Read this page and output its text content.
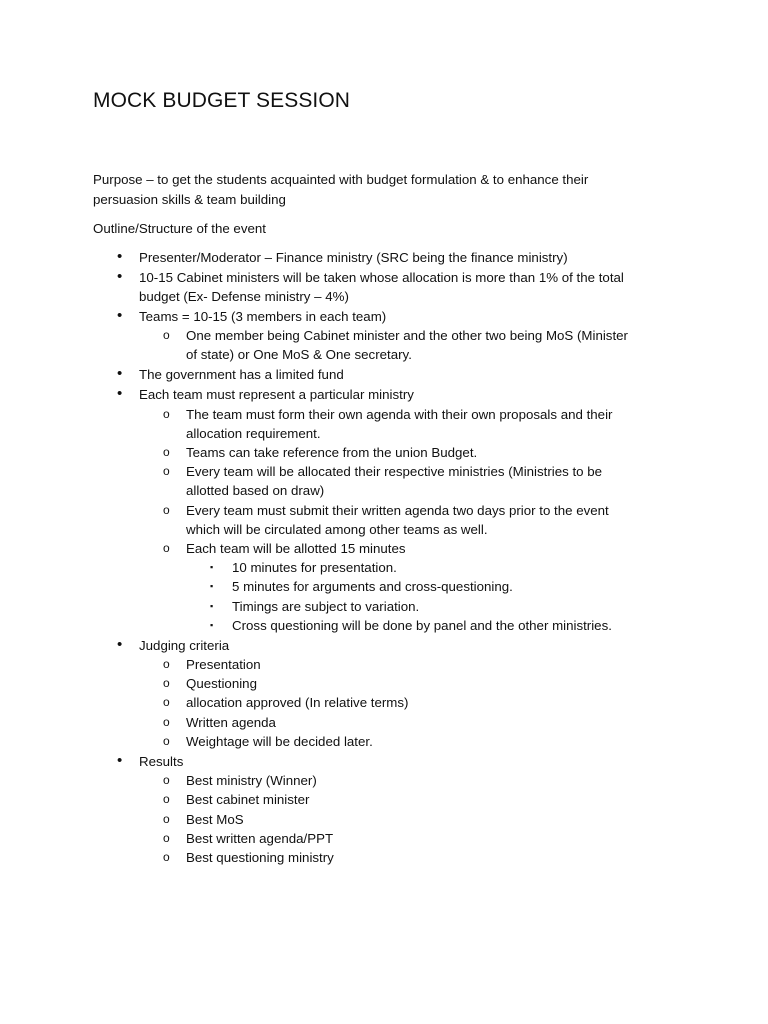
MOCK BUDGET SESSION
Purpose – to get the students acquainted with budget formulation & to enhance their
persuasion skills & team building
Outline/Structure of the event
• Presenter/Moderator – Finance ministry (SRC being the finance ministry)
• 10-15 Cabinet ministers will be taken whose allocation is more than 1% of the total
budget (Ex- Defense ministry – 4%)
• Teams = 10-15 (3 members in each team)
o One member being Cabinet minister and the other two being MoS (Minister
of state) or One MoS & One secretary.
• The government has a limited fund
• Each team must represent a particular ministry
o The team must form their own agenda with their own proposals and their
allocation requirement.
o Teams can take reference from the union Budget.
o Every team will be allocated their respective ministries (Ministries to be
allotted based on draw)
o Every team must submit their written agenda two days prior to the event
which will be circulated among other teams as well.
o Each team will be allotted 15 minutes
▪ 10 minutes for presentation.
▪ 5 minutes for arguments and cross-questioning.
▪ Timings are subject to variation.
▪ Cross questioning will be done by panel and the other ministries.
• Judging criteria
o Presentation
o Questioning
o allocation approved (In relative terms)
o Written agenda
o Weightage will be decided later.
• Results
o Best ministry (Winner)
o Best cabinet minister
o Best MoS
o Best written agenda/PPT
o Best questioning ministry
